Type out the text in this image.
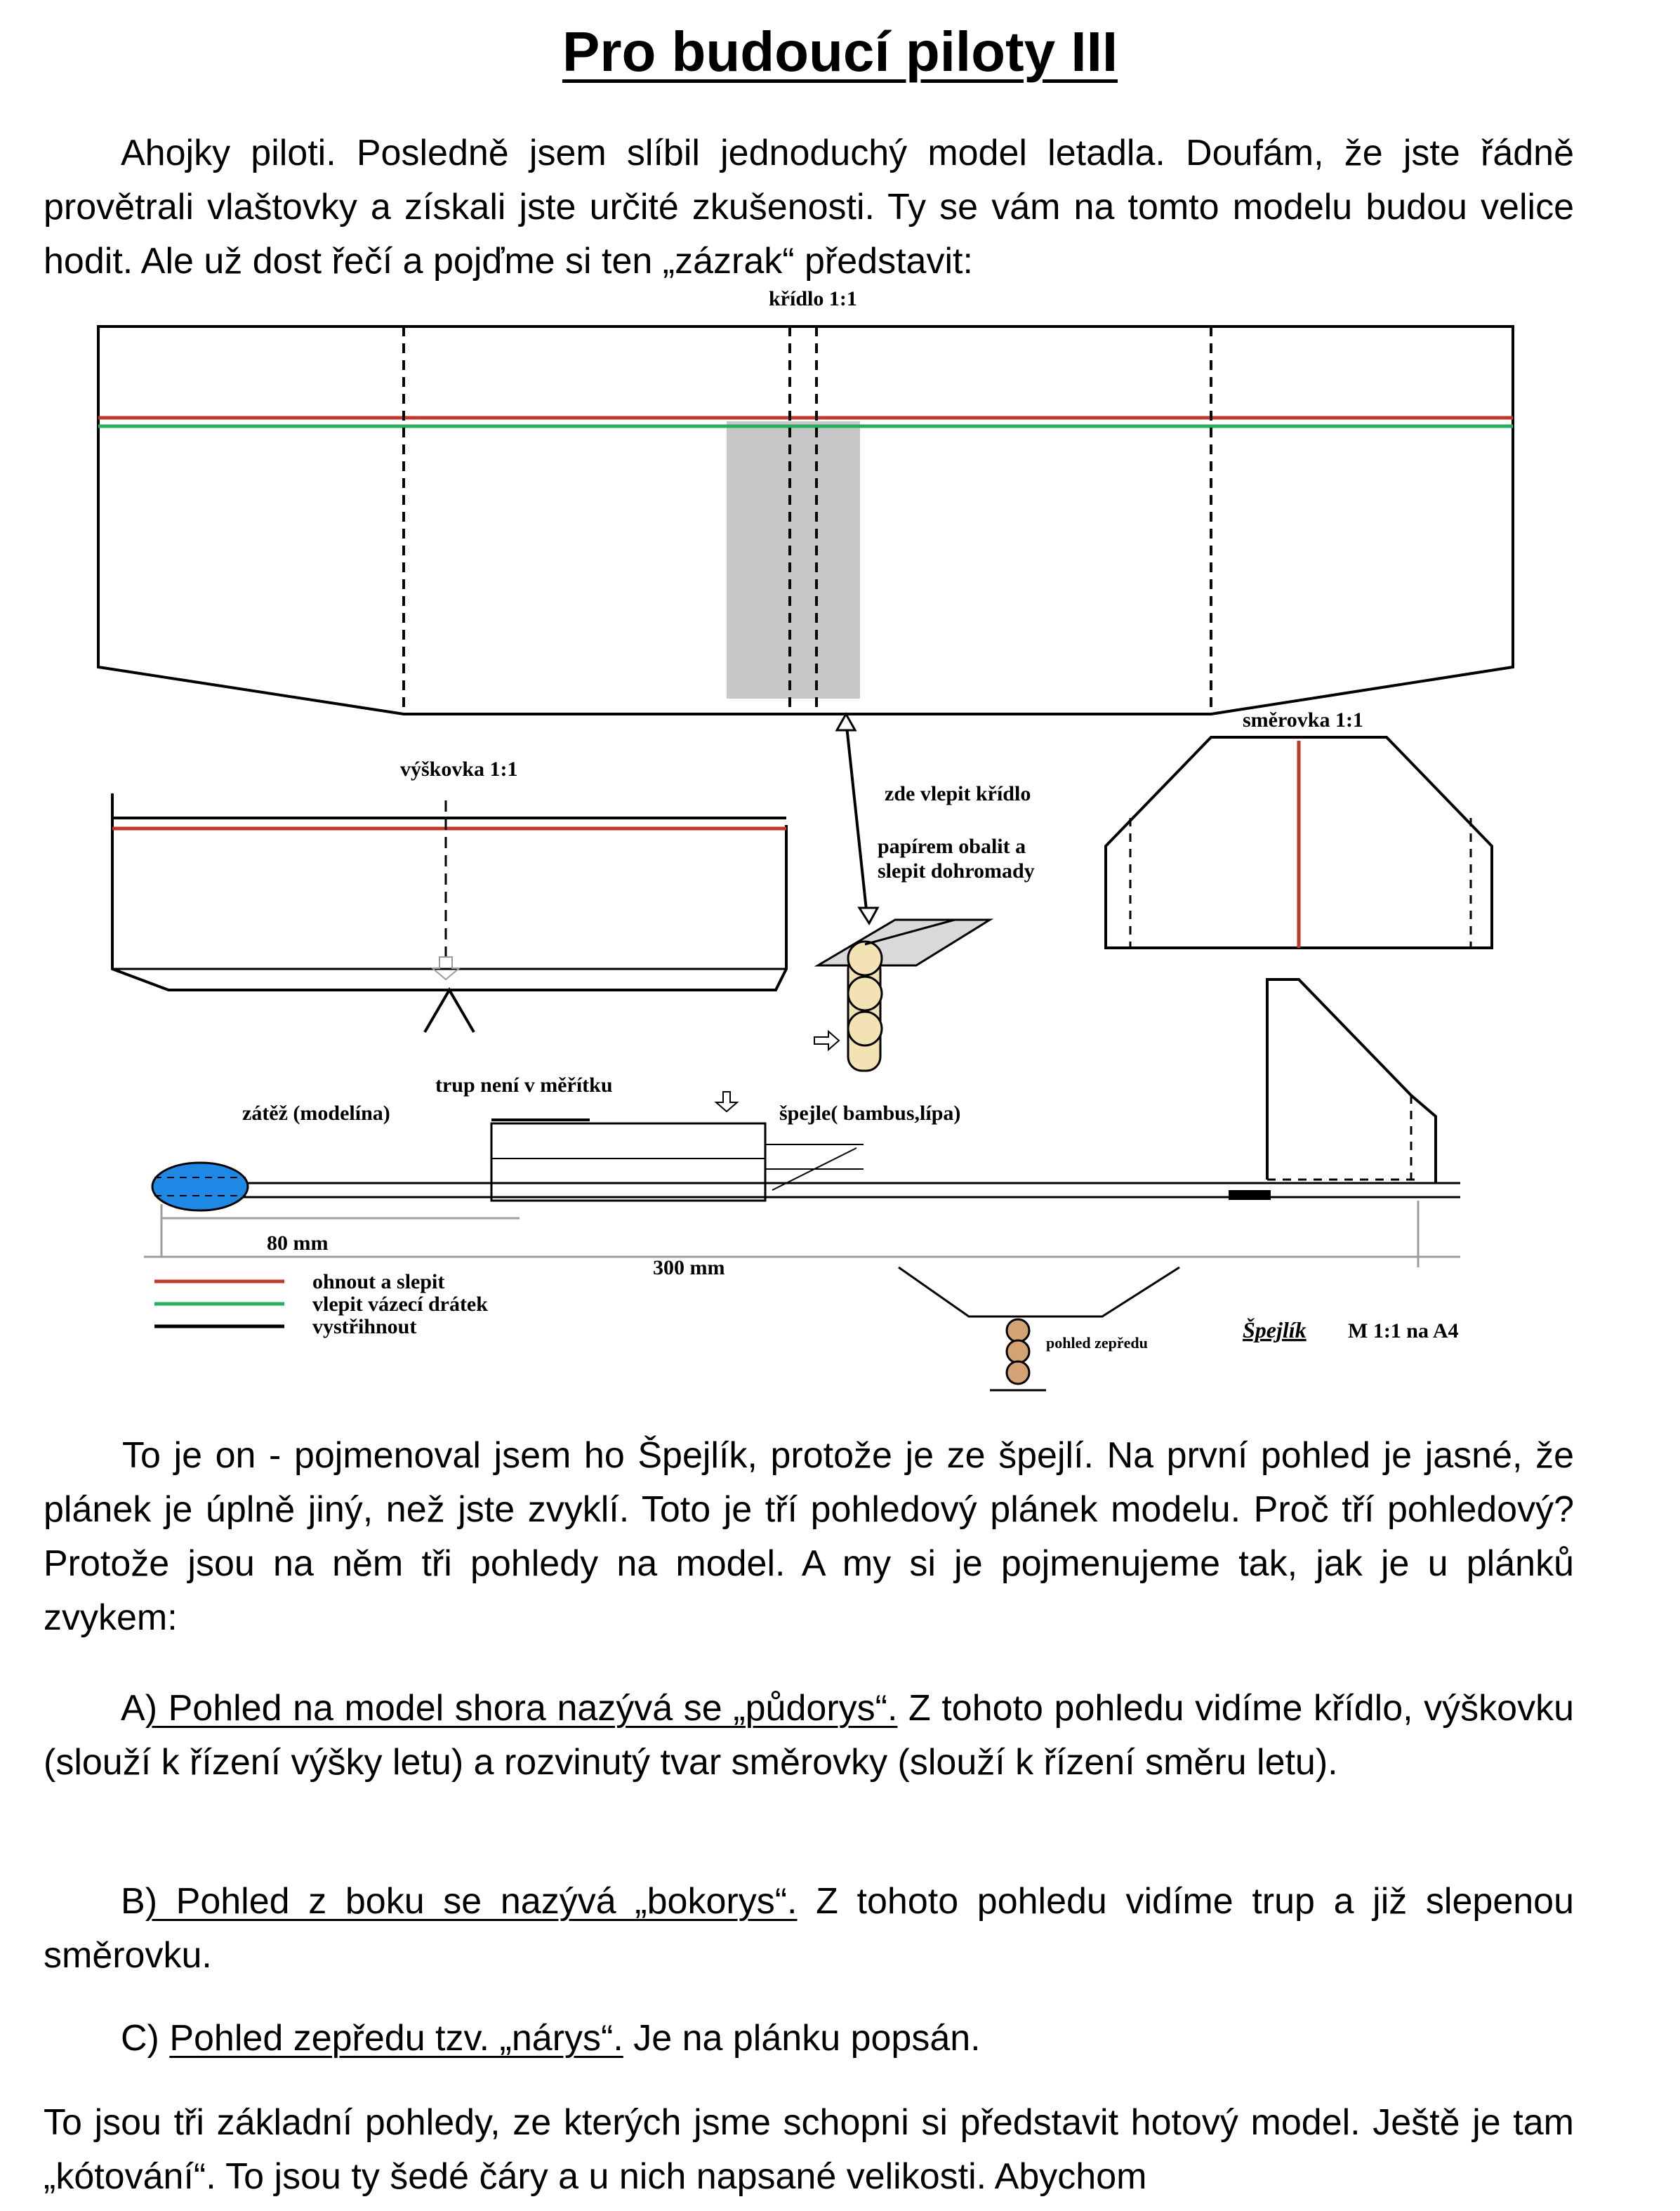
Pro budoucí piloty III
Ahojky piloti. Posledně jsem slíbil jednoduchý model letadla. Doufám, že jste řádně provětrali vlaštovky a získali jste určité zkušenosti. Ty se vám na tomto modelu budou velice hodit. Ale už dost řečí a pojďme si ten „zázrak“ představit:
křídlo 1:1
výškovka 1:1
směrovka 1:1
zde vlepit křídlo
papírem obalit a
slepit dohromady
trup není v měřítku
zátěž (modelína)	špejle( bambus,lípa)
80 mm
300 mm
ohnout a slepit
vlepit vázecí drátek
vystřihnout
pohled zepředu
Špejlík M 1:1 na A4
To je on - pojmenoval jsem ho Špejlík, protože je ze špejlí. Na první pohled je jasné, že plánek je úplně jiný, než jste zvyklí. Toto je tří pohledový plánek modelu. Proč tří pohledový? Protože jsou na něm tři pohledy na model. A my si je pojmenujeme tak, jak je u plánků zvykem:
A) Pohled na model shora nazývá se „půdorys“. Z tohoto pohledu vidíme křídlo, výškovku (slouží k řízení výšky letu) a rozvinutý tvar směrovky (slouží k řízení směru letu).
B) Pohled z boku se nazývá „bokorys“. Z tohoto pohledu vidíme trup a již slepenou směrovku.
C) Pohled zepředu tzv. „nárys“. Je na plánku popsán.
To jsou tři základní pohledy, ze kterých jsme schopni si představit hotový model. Ještě je tam „kótování“. To jsou ty šedé čáry a u nich napsané velikosti. Abychom
